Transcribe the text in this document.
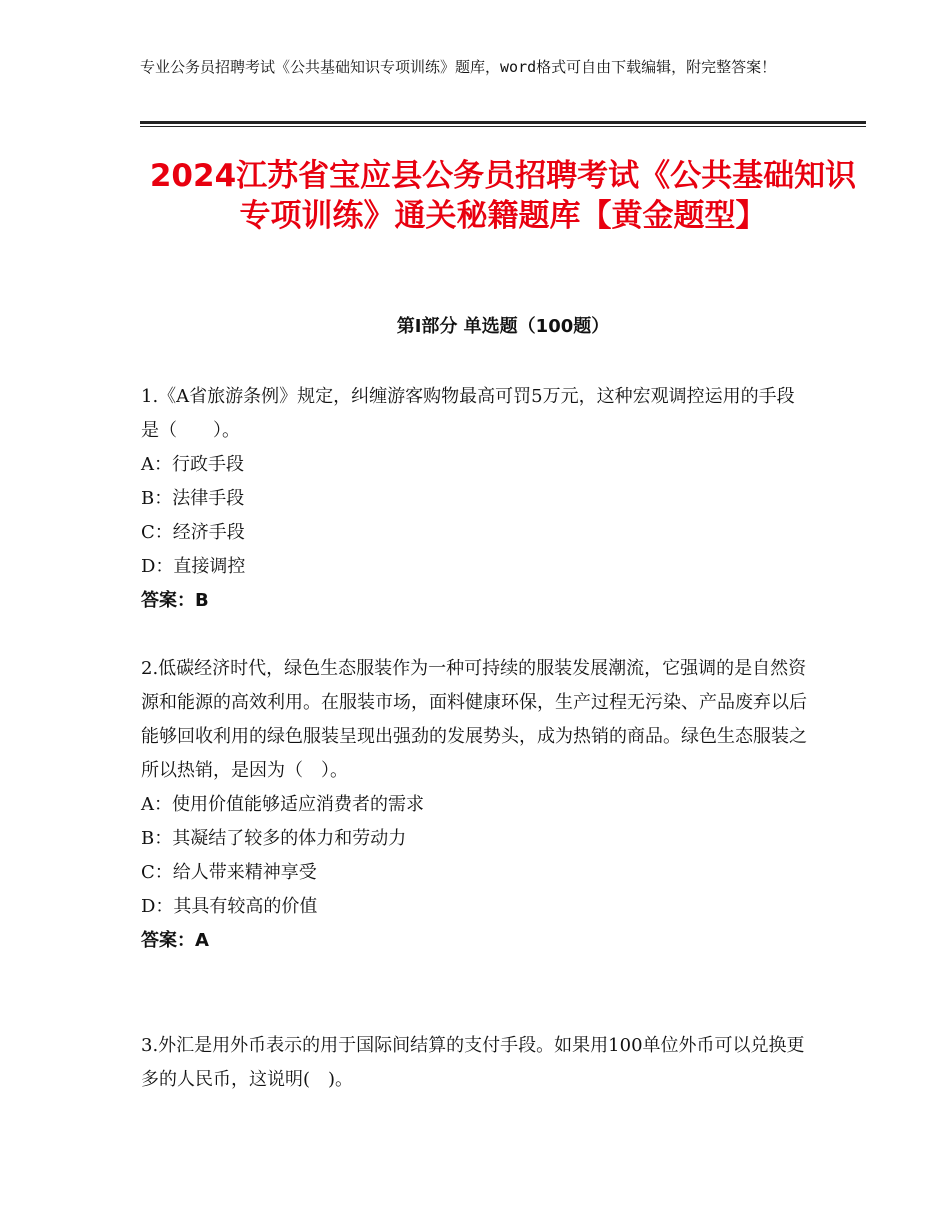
专业公务员招聘考试《公共基础知识专项训练》题库，word格式可自由下载编辑，附完整答案！
2024江苏省宝应县公务员招聘考试《公共基础知识专项训练》通关秘籍题库【黄金题型】
第Ⅰ部分 单选题（100题）
1.《A省旅游条例》规定，纠缠游客购物最高可罚5万元，这种宏观调控运用的手段是（　　）。
A：行政手段
B：法律手段
C：经济手段
D：直接调控
答案：B
2.低碳经济时代，绿色生态服装作为一种可持续的服装发展潮流，它强调的是自然资源和能源的高效利用。在服装市场，面料健康环保，生产过程无污染、产品废弃以后能够回收利用的绿色服装呈现出强劲的发展势头，成为热销的商品。绿色生态服装之所以热销，是因为（　）。
A：使用价值能够适应消费者的需求
B：其凝结了较多的体力和劳动力
C：给人带来精神享受
D：其具有较高的价值
答案：A
3.外汇是用外币表示的用于国际间结算的支付手段。如果用100单位外币可以兑换更多的人民币，这说明(　)。
